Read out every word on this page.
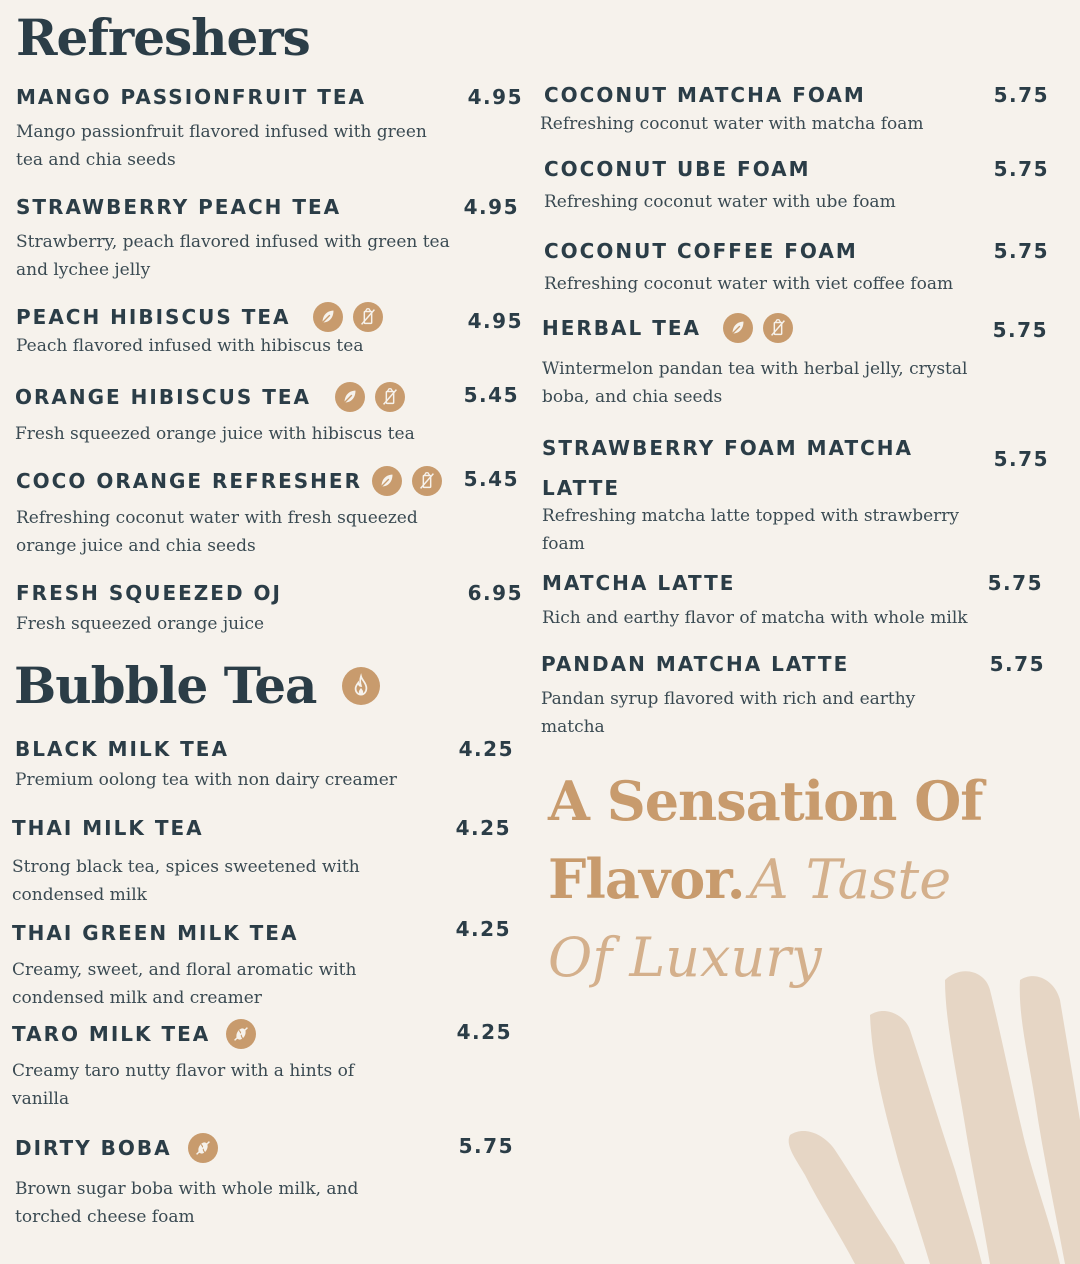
Refreshers
MANGO PASSIONFRUIT TEA	4.95
Mango passionfruit flavored infused with green tea and chia seeds
STRAWBERRY PEACH TEA	4.95
Strawberry, peach flavored infused with green tea and lychee jelly
PEACH HIBISCUS TEA	4.95
Peach flavored infused with hibiscus tea
ORANGE HIBISCUS TEA	5.45
Fresh squeezed orange juice with hibiscus tea
COCO ORANGE REFRESHER	5.45
Refreshing coconut water with fresh squeezed orange juice and chia seeds
FRESH SQUEEZED OJ	6.95
Fresh squeezed orange juice
Bubble Tea
BLACK MILK TEA	4.25
Premium oolong tea with non dairy creamer
THAI MILK TEA	4.25
Strong black tea, spices sweetened with condensed milk
THAI GREEN MILK TEA	4.25
Creamy, sweet, and floral aromatic with condensed milk and creamer
TARO MILK TEA	4.25
Creamy taro nutty flavor with a hints of vanilla
DIRTY BOBA	5.75
Brown sugar boba with whole milk, and torched cheese foam
COCONUT MATCHA FOAM	5.75
Refreshing coconut water with matcha foam
COCONUT UBE FOAM	5.75
Refreshing coconut water with ube foam
COCONUT COFFEE FOAM	5.75
Refreshing coconut water with viet coffee foam
HERBAL TEA	5.75
Wintermelon pandan tea with herbal jelly, crystal boba, and chia seeds
STRAWBERRY FOAM MATCHA LATTE
5.75
Refreshing matcha latte topped with strawberry foam
MATCHA LATTE	5.75
Rich and earthy flavor of matcha with whole milk
PANDAN MATCHA LATTE	5.75
Pandan syrup flavored with rich and earthy matcha
A Sensation Of
Flavor. A Taste
Of Luxury
